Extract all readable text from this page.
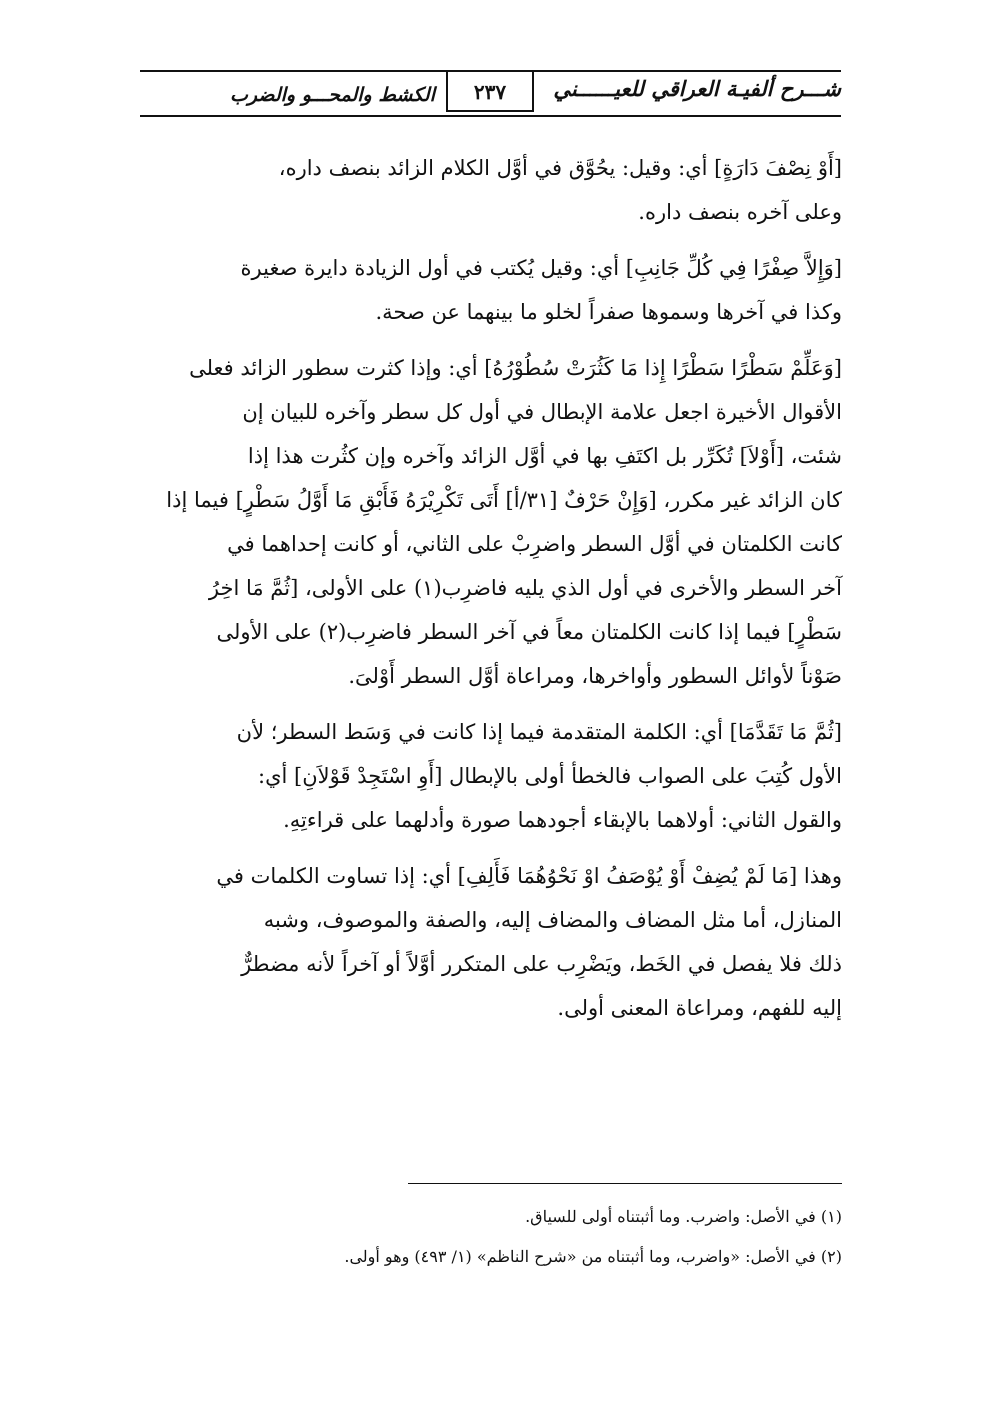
شـــرح ألفيـة العراقي للعيــــــني
٢٣٧
الكشط والمحـــو والضرب

[أَوْ نِصْفَ دَارَةٍ] أي: وقيل: يحُوَّق في أوَّل الكلام الزائد بنصف داره،

وعلى آخره بنصف داره.

[وَإِلاَّ صِفْرًا فِي كُلِّ جَانِبِ] أي: وقيل يُكتب في أول الزيادة دايرة صغيرة

وكذا في آخرها وسموها صفراً لخلو ما بينهما عن صحة.

[وَعَلِّمْ سَطْرًا سَطْرًا إِذا مَا كَثُرَتْ سُطُوْرُهُ] أي: وإذا كثرت سطور الزائد فعلى

الأقوال الأخيرة اجعل علامة الإبطال في أول كل سطر وآخره للبيان إن

شئت، [أَوْلاَ] تُكَرِّر بل اكتَفِ بها في أوَّل الزائد وآخره وإن كثُرت هذا إذا

كان الزائد غير مكرر، [وَإِنْ حَرْفٌ [٣١/أ] أَتَى تَكْرِيْرَهُ فَأَبْقِ مَا أَوَّلُ سَطْرٍ] فيما إذا

كانت الكلمتان في أوَّل السطر واضرِبْ على الثاني، أو كانت إحداهما في

آخر السطر والأخرى في أول الذي يليه فاضرِب(١) على الأولى، [ثُمَّ مَا اخِرُ

سَطْرٍ] فيما إذا كانت الكلمتان معاً في آخر السطر فاضرِب(٢) على الأولى

صَوْناً لأوائل السطور وأواخرها، ومراعاة أوَّل السطر أَوْلىَ.

[ثُمَّ مَا تَقَدَّمَا] أي: الكلمة المتقدمة فيما إذا كانت في وَسَط السطر؛ لأن

الأول كُتِبَ على الصواب فالخطأ أولى بالإبطال [أَوِ اسْتَجِدْ قَوْلاَنِ] أي:

والقول الثاني: أولاهما بالإبقاء أجودهما صورة وأدلهما على قراءتِهِ.

وهذا [مَا لَمْ يُضِفْ أَوْ يُوْصَفُ اوْ نَحْوُهُمَا فَأَلِفِ] أي: إذا تساوت الكلمات في

المنازل، أما مثل المضاف والمضاف إليه، والصفة والموصوف، وشبه

ذلك فلا يفصل في الخَط، ويَضْرِب على المتكرر أوَّلاً أو آخراً لأنه مضطرٌّ

إليه للفهم، ومراعاة المعنى أولى.

(١) في الأصل: واضرب. وما أثبتناه أولى للسياق.

(٢) في الأصل: «واضرب، وما أثبتناه من «شرح الناظم» (١/ ٤٩٣) وهو أولى.
